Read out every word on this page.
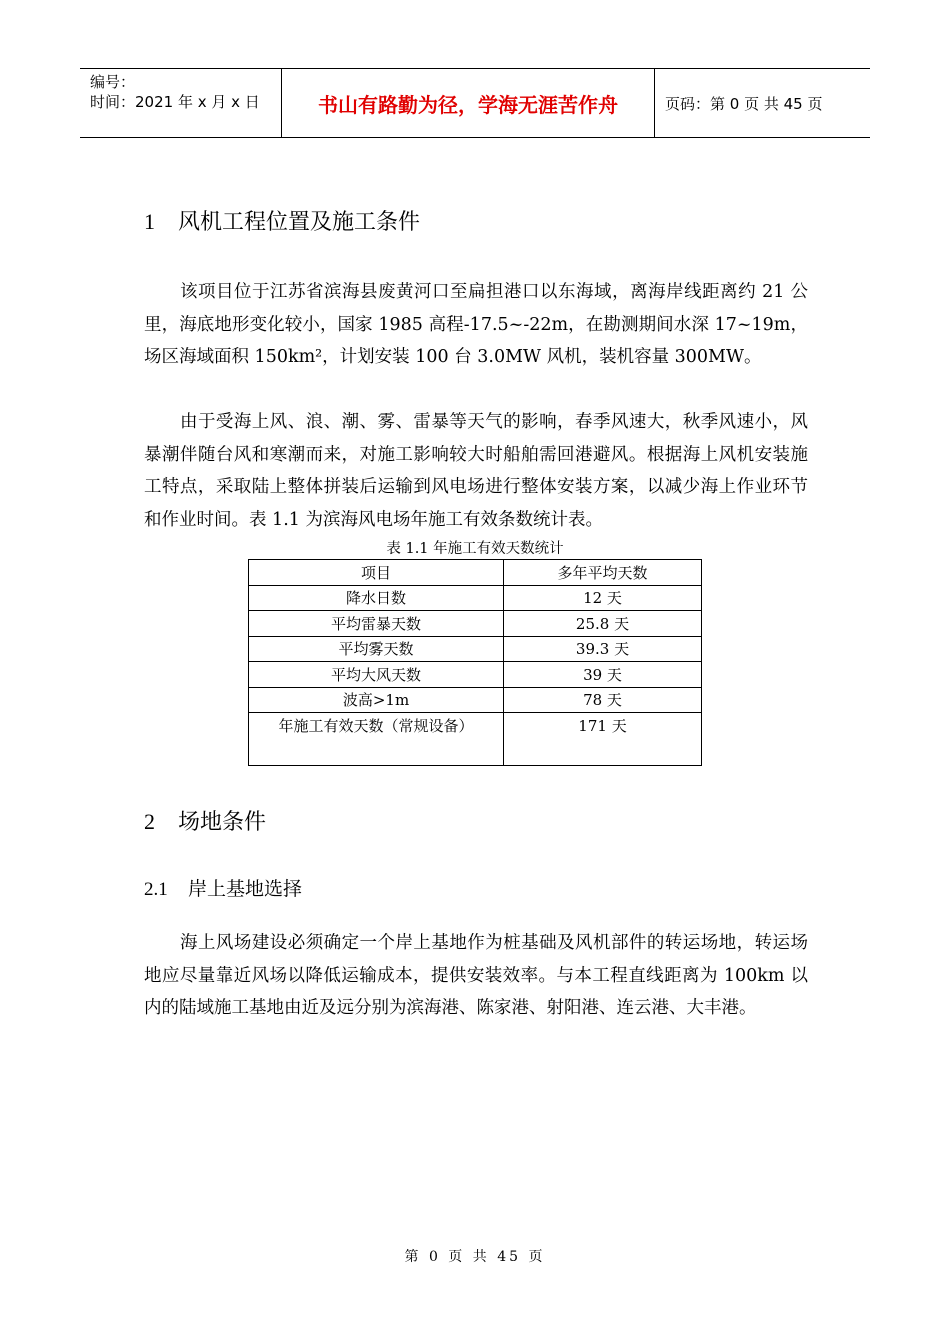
编号：
时间：2021 年 x 月 x 日	书山有路勤为径，学海无涯苦作舟	页码：第 0 页 共 45 页
1 风机工程位置及施工条件

该项目位于江苏省滨海县废黄河口至扁担港口以东海域，离海岸线距离约 21 公里，海底地形变化较小，国家 1985 高程-17.5~-22m，在勘测期间水深 17~19m，场区海域面积 150km²，计划安装 100 台 3.0MW 风机，装机容量 300MW。

由于受海上风、浪、潮、雾、雷暴等天气的影响，春季风速大，秋季风速小，风暴潮伴随台风和寒潮而来，对施工影响较大时船舶需回港避风。根据海上风机安装施工特点，采取陆上整体拼装后运输到风电场进行整体安装方案，以减少海上作业环节和作业时间。表 1.1 为滨海风电场年施工有效条数统计表。

表 1.1 年施工有效天数统计
项目	多年平均天数
降水日数	12 天
平均雷暴天数	25.8 天
平均雾天数	39.3 天
平均大风天数	39 天
波高>1m	78 天
年施工有效天数（常规设备）	171 天
2 场地条件
2.1 岸上基地选择

海上风场建设必须确定一个岸上基地作为桩基础及风机部件的转运场地，转运场地应尽量靠近风场以降低运输成本，提供安装效率。与本工程直线距离为 100km 以内的陆域施工基地由近及远分别为滨海港、陈家港、射阳港、连云港、大丰港。

第 0 页 共 45 页
